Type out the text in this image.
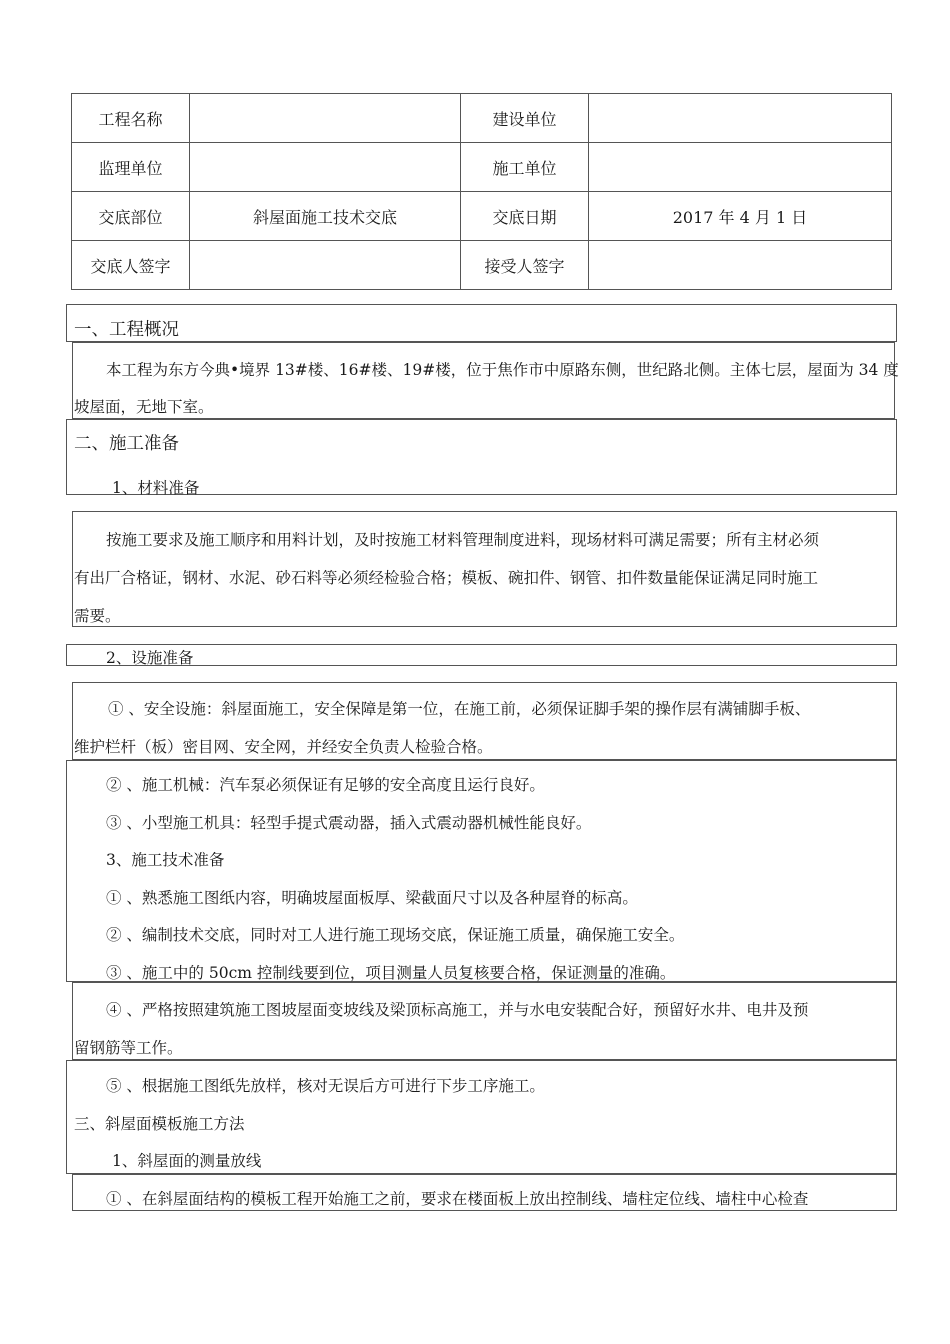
工程名称		建设单位	
监理单位		施工单位	
交底部位	斜屋面施工技术交底	交底日期	2017 年 4 月 1 日
交底人签字		接受人签字	
一、工程概况
本工程为东方今典•境界 13#楼、16#楼、19#楼，位于焦作市中原路东侧，世纪路北侧。主体七层，屋面为 34 度
坡屋面，无地下室。
二、施工准备
1、材料准备
按施工要求及施工顺序和用料计划，及时按施工材料管理制度进料，现场材料可满足需要；所有主材必须
有出厂合格证，钢材、水泥、砂石料等必须经检验合格；模板、碗扣件、钢管、扣件数量能保证满足同时施工
需要。
2、设施准备
① 、安全设施：斜屋面施工，安全保障是第一位，在施工前，必须保证脚手架的操作层有满铺脚手板、
维护栏杆（板）密目网、安全网，并经安全负责人检验合格。
② 、施工机械：汽车泵必须保证有足够的安全高度且运行良好。
③ 、小型施工机具：轻型手提式震动器，插入式震动器机械性能良好。
3、施工技术准备
① 、熟悉施工图纸内容，明确坡屋面板厚、梁截面尺寸以及各种屋脊的标高。
② 、编制技术交底，同时对工人进行施工现场交底，保证施工质量，确保施工安全。
③ 、施工中的 50cm 控制线要到位，项目测量人员复核要合格，保证测量的准确。
④ 、严格按照建筑施工图坡屋面变坡线及梁顶标高施工，并与水电安装配合好，预留好水井、电井及预
留钢筋等工作。
⑤ 、根据施工图纸先放样，核对无误后方可进行下步工序施工。
三、斜屋面模板施工方法
1、斜屋面的测量放线
① 、在斜屋面结构的模板工程开始施工之前，要求在楼面板上放出控制线、墙柱定位线、墙柱中心检查
